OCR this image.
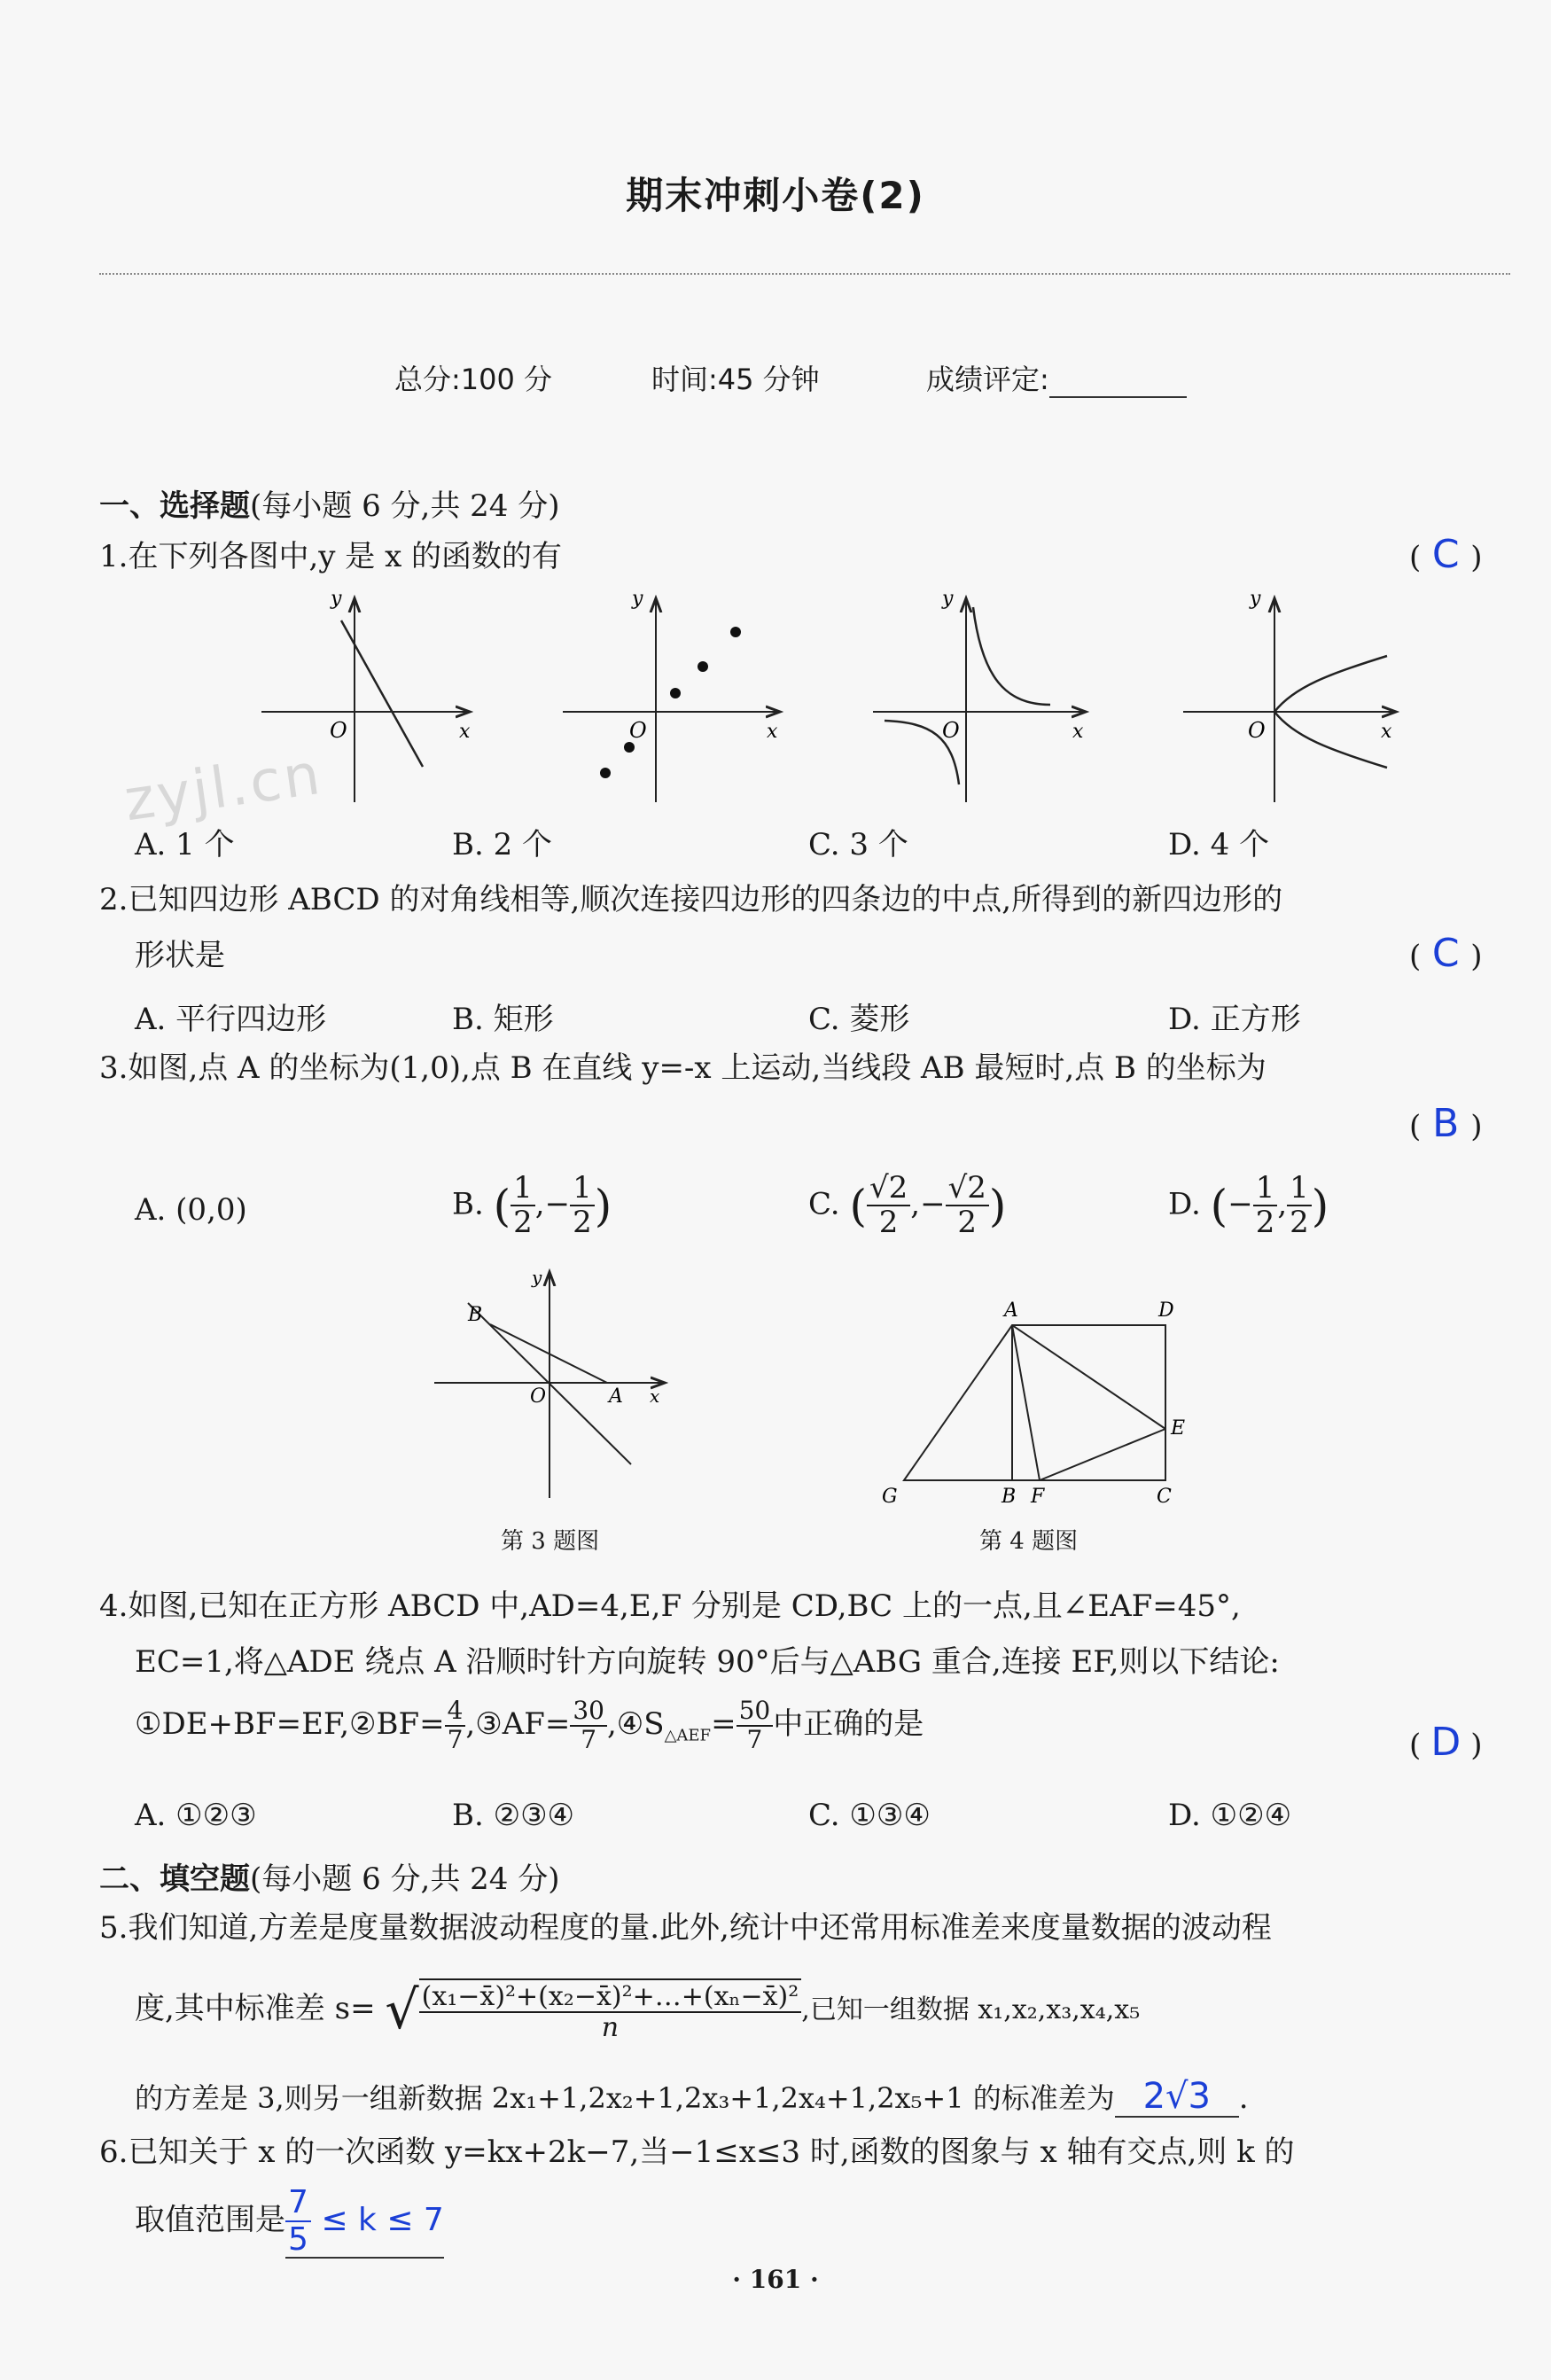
期末冲刺小卷(2)
总分:100 分	时间:45 分钟	成绩评定:
zyjl.cn
一、选择题(每小题 6 分,共 24 分)
1.在下列各图中,y 是 x 的函数的有	( C )
y
x
O
y
x
O
y
x
O
y
x
O
A. 1 个	B. 2 个	C. 3 个	D. 4 个
2.已知四边形 ABCD 的对角线相等,顺次连接四边形的四条边的中点,所得到的新四边形的
形状是	( C )
A. 平行四边形	B. 矩形	C. 菱形	D. 正方形
3.如图,点 A 的坐标为(1,0),点 B 在直线 y=-x 上运动,当线段 AB 最短时,点 B 的坐标为
( B )
A. (0,0)	B. ( $\frac{1}{2}$ ,− $\frac{1}{2}$ )	C. ( $\frac{√2}{2}$ ,− $\frac{√2}{2}$ )	D. (− $\frac{1}{2}$ , $\frac{1}{2}$ )
B
O	A x
y
第 3 题图
A	D
E
G	B F	C
第 4 题图
4.如图,已知在正方形 ABCD 中,AD=4,E,F 分别是 CD,BC 上的一点,且∠EAF=45°,
EC=1,将△ADE 绕点 A 沿顺时针方向旋转 90°后与△ABG 重合,连接 EF,则以下结论:
①DE+BF=EF,②BF= $\frac{4}{7}$ ,③AF= $\frac{30}{7}$ $,④S_{\triangle AEF}= \frac{50}{7}$ 中正确的是
( D )
A. ①②③	B. ②③④	C. ①③④	D. ①②④
二、填空题(每小题 6 分,共 24 分)
5.我们知道,方差是度量数据波动程度的量.此外,统计中还常用标准差来度量数据的波动程
度,其中标准差 s= √ $\frac{\text{(x₁−x̄)²+(x₂−x̄)²+…+(xₙ−x̄)²}}{n}$ ,已知一组数据 x₁,x₂,x₃,x₄,x₅
的方差是 3,则另一组新数据 2x₁+1,2x₂+1,2x₃+1,2x₄+1,2x₅+1 的标准差为 2√3 .
6.已知关于 x 的一次函数 y=kx+2k−7,当−1≤x≤3 时,函数的图象与 x 轴有交点,则 k 的
取值范围是 $\frac{7}{5} \le k \le 7$
· 161 ·
